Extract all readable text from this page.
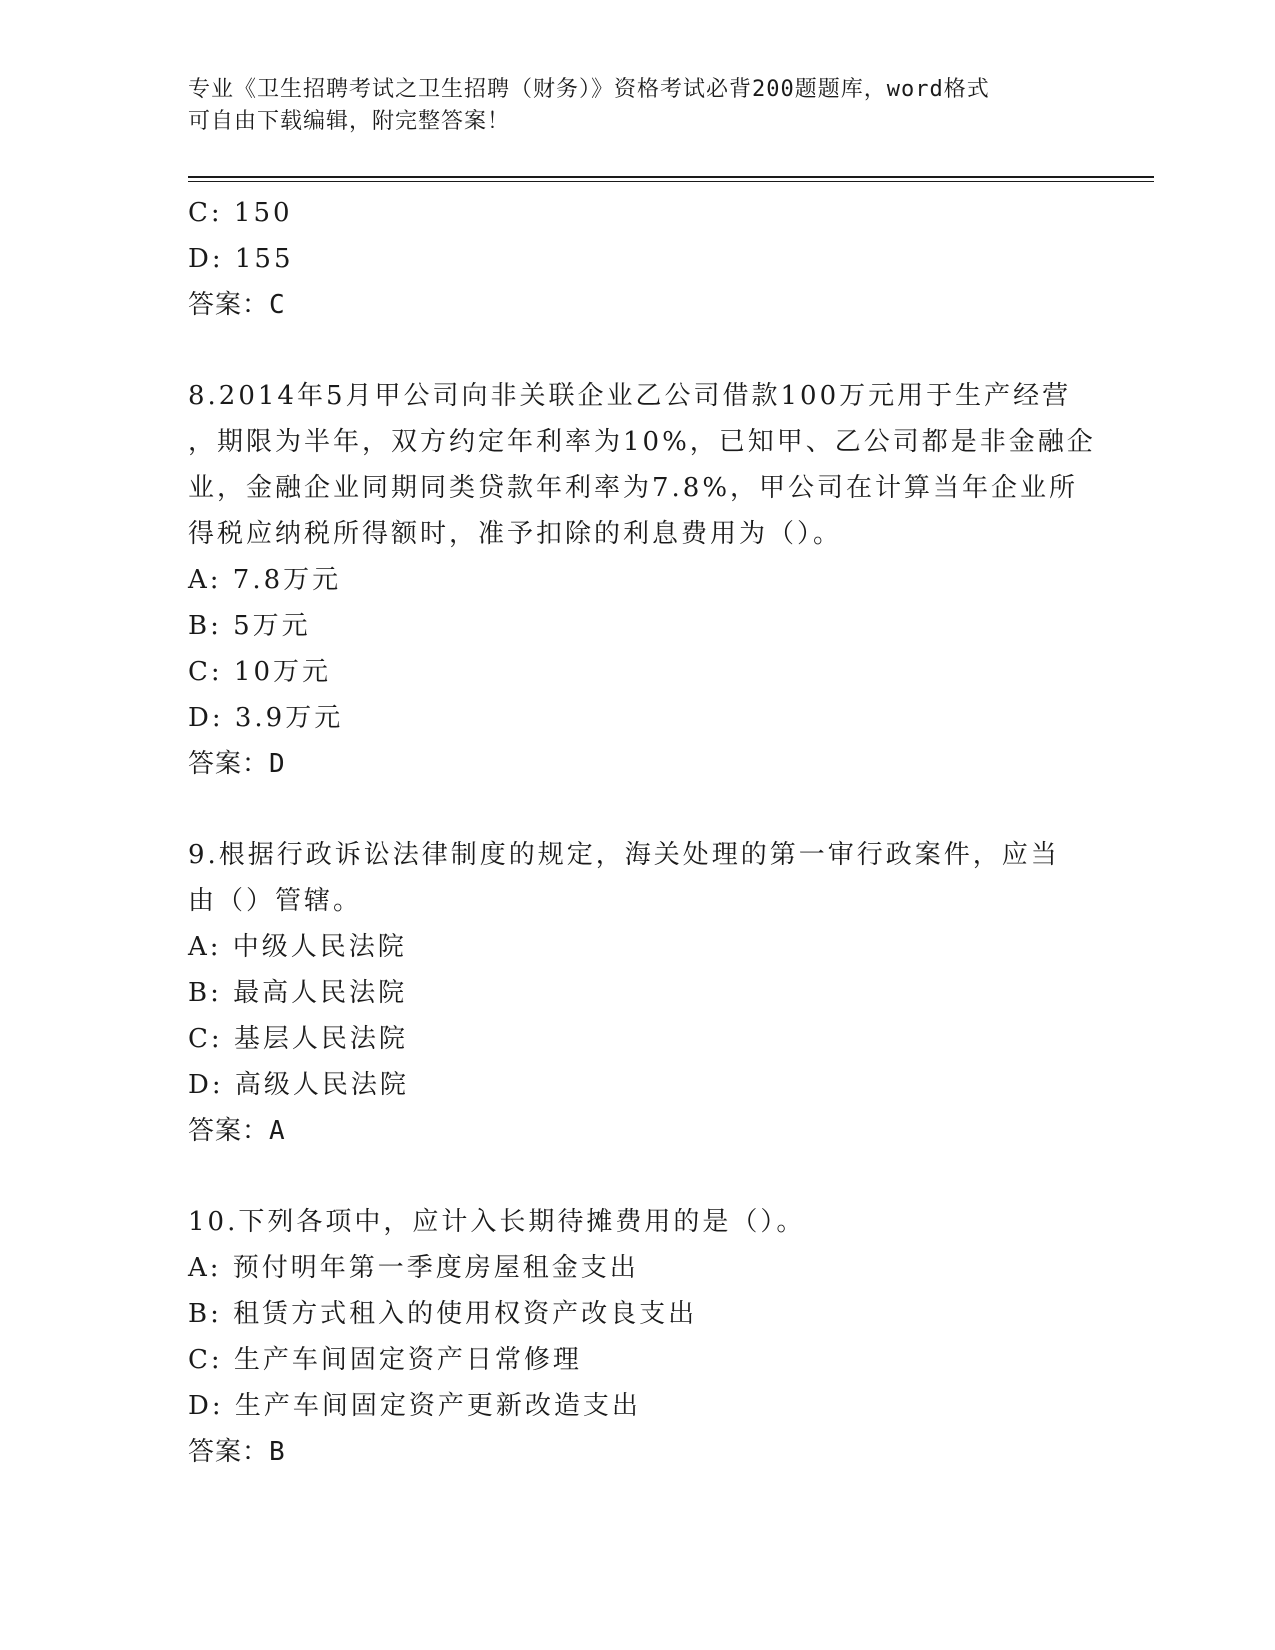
专业《卫生招聘考试之卫生招聘（财务）》资格考试必背200题题库，word格式
可自由下载编辑，附完整答案！
C: 150
D: 155
答案：C
8.2014年5月甲公司向非关联企业乙公司借款100万元用于生产经营
，期限为半年，双方约定年利率为10%，已知甲、乙公司都是非金融企
业，金融企业同期同类贷款年利率为7.8%，甲公司在计算当年企业所
得税应纳税所得额时，准予扣除的利息费用为（）。
A: 7.8万元
B: 5万元
C: 10万元
D: 3.9万元
答案：D
9.根据行政诉讼法律制度的规定，海关处理的第一审行政案件，应当
由（）管辖。
A: 中级人民法院
B: 最高人民法院
C: 基层人民法院
D: 高级人民法院
答案：A
10.下列各项中，应计入长期待摊费用的是（）。
A: 预付明年第一季度房屋租金支出
B: 租赁方式租入的使用权资产改良支出
C: 生产车间固定资产日常修理
D: 生产车间固定资产更新改造支出
答案：B
